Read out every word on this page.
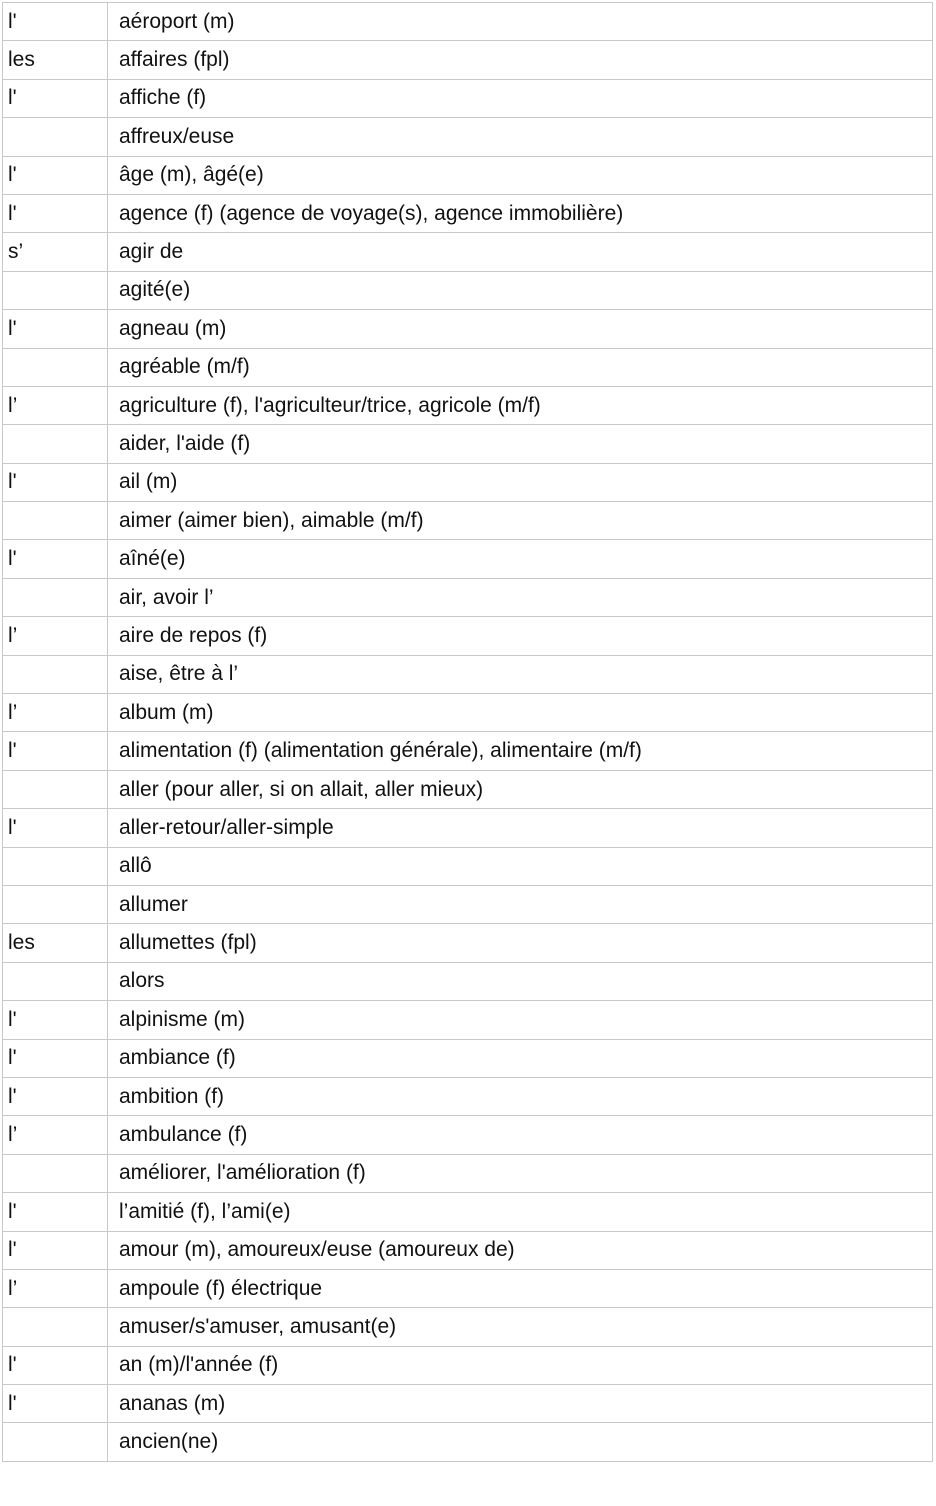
l'	aéroport (m)
les	affaires (fpl)
l'	affiche (f)
	affreux/euse
l'	âge (m), âgé(e)
l'	agence (f) (agence de voyage(s), agence immobilière)
s’	agir de
	agité(e)
l'	agneau (m)
	agréable (m/f)
l’	agriculture (f), l'agriculteur/trice, agricole (m/f)
	aider, l'aide (f)
l'	ail (m)
	aimer (aimer bien), aimable (m/f)
l'	aîné(e)
	air, avoir l’
l’	aire de repos (f)
	aise, être à l’
l’	album (m)
l'	alimentation (f) (alimentation générale), alimentaire (m/f)
	aller (pour aller, si on allait, aller mieux)
l'	aller-retour/aller-simple
	allô
	allumer
les	allumettes (fpl)
	alors
l'	alpinisme (m)
l'	ambiance (f)
l'	ambition (f)
l’	ambulance (f)
	améliorer, l'amélioration (f)
l'	l’amitié (f), l’ami(e)
l'	amour (m), amoureux/euse (amoureux de)
l’	ampoule (f) électrique
	amuser/s'amuser, amusant(e)
l'	an (m)/l'année (f)
l'	ananas (m)
	ancien(ne)
